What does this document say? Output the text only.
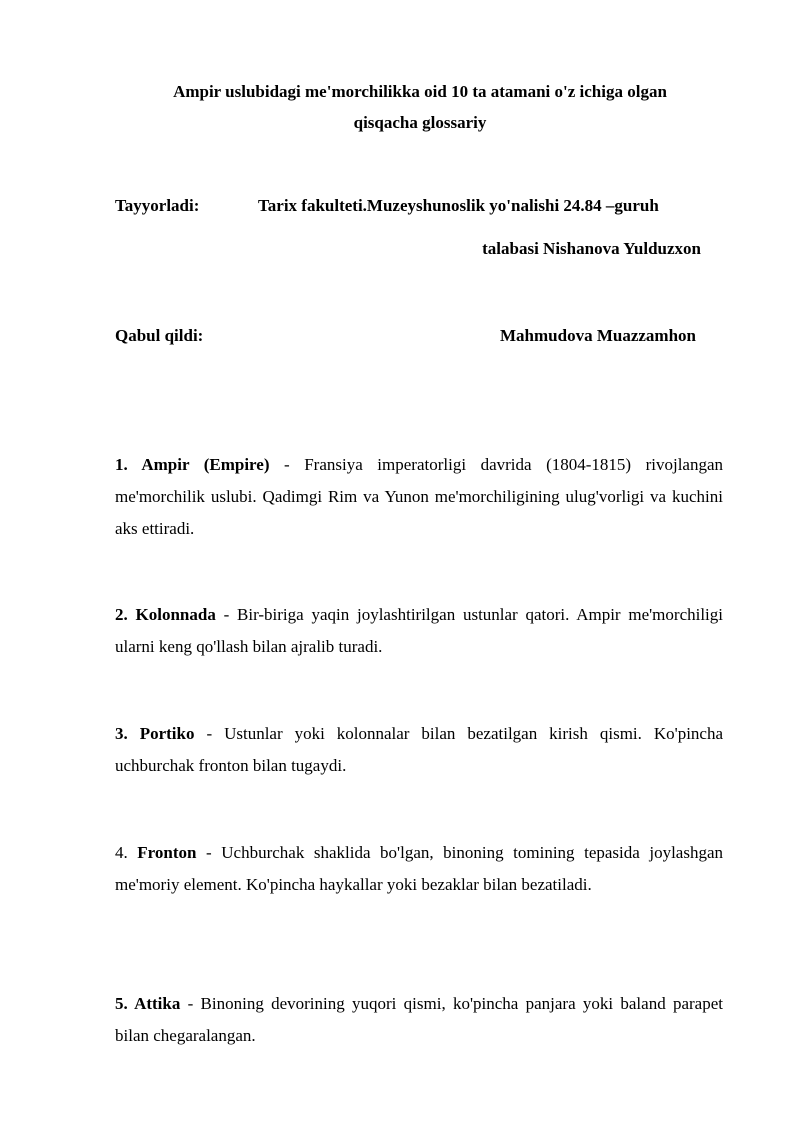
Ampir uslubidagi me'morchilikka oid 10 ta atamani o'z ichiga olgan
qisqacha glossariy

Tayyorladi:	Tarix fakulteti.Muzeyshunoslik yo'nalishi 24.84 –guruh

talabasi Nishanova Yulduzxon

Qabul qildi:	Mahmudova Muazzamhon

1. Ampir (Empire) - Fransiya imperatorligi davrida (1804-1815) rivojlangan me'morchilik uslubi. Qadimgi Rim va Yunon me'morchiligining ulug'vorligi va kuchini aks ettiradi.

2. Kolonnada - Bir-biriga yaqin joylashtirilgan ustunlar qatori. Ampir me'morchiligi ularni keng qo'llash bilan ajralib turadi.

3. Portiko - Ustunlar yoki kolonnalar bilan bezatilgan kirish qismi. Ko'pincha uchburchak fronton bilan tugaydi.

4. Fronton - Uchburchak shaklida bo'lgan, binoning tomining tepasida joylashgan me'moriy element. Ko'pincha haykallar yoki bezaklar bilan bezatiladi.

5. Attika - Binoning devorining yuqori qismi, ko'pincha panjara yoki baland parapet bilan chegaralangan.
